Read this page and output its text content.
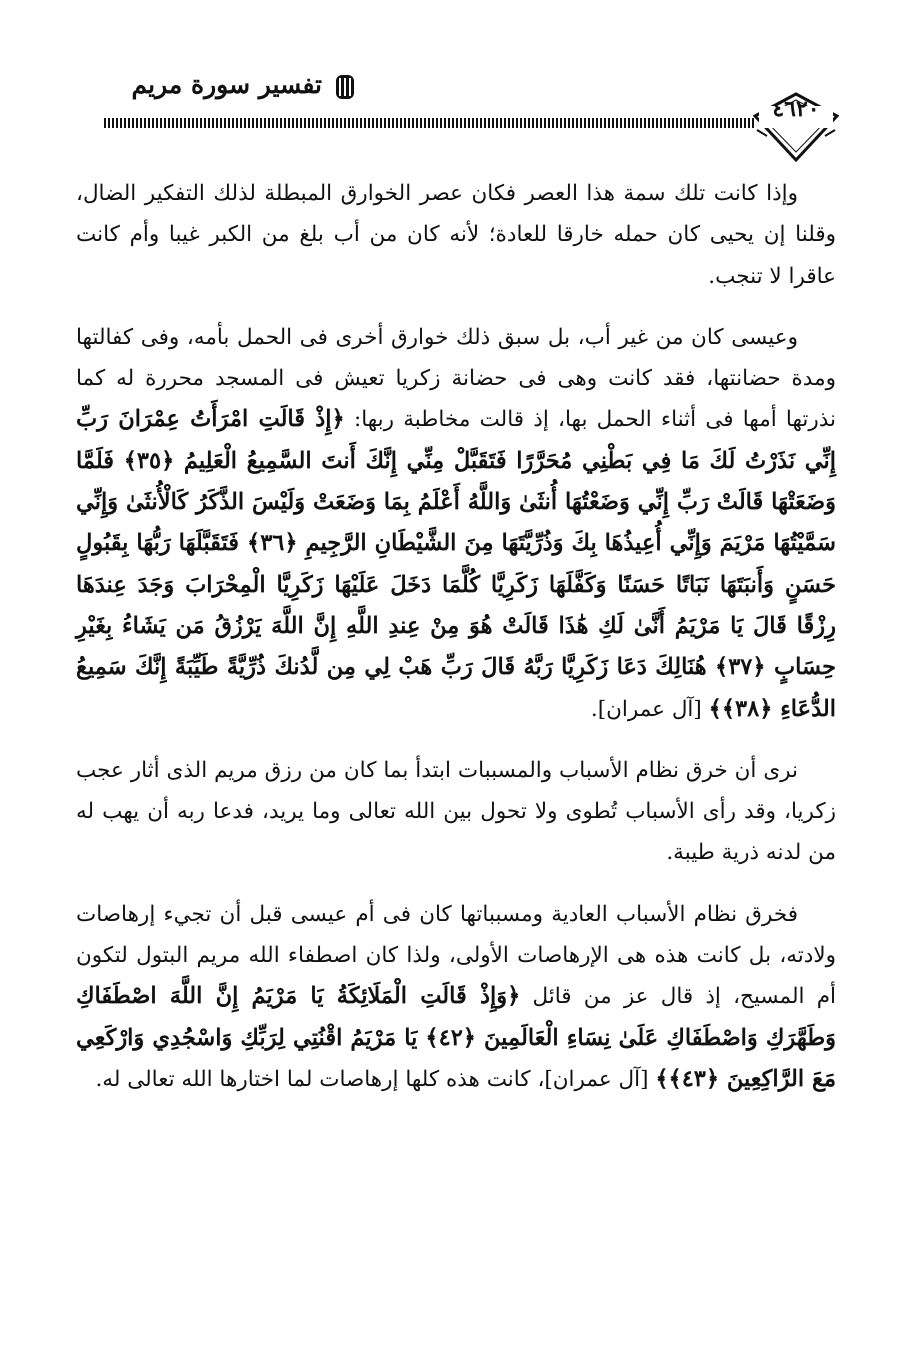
تفسير سورة مريم
٤٦٢٠

وإذا كانت تلك سمة هذا العصر فكان عصر الخوارق المبطلة لذلك التفكير الضال، وقلنا إن يحيى كان حمله خارقا للعادة؛ لأنه كان من أب بلغ من الكبر غيبا وأم كانت عاقرا لا تنجب.

وعيسى كان من غير أب، بل سبق ذلك خوارق أخرى فى الحمل بأمه، وفى كفالتها ومدة حضانتها، فقد كانت وهى فى حضانة زكريا تعيش فى المسجد محررة له كما نذرتها أمها فى أثناء الحمل بها، إذ قالت مخاطبة ربها: ﴿إِذْ قَالَتِ امْرَأَتُ عِمْرَانَ رَبِّ إِنِّي نَذَرْتُ لَكَ مَا فِي بَطْنِي مُحَرَّرًا فَتَقَبَّلْ مِنِّي إِنَّكَ أَنتَ السَّمِيعُ الْعَلِيمُ ﴿٣٥﴾ فَلَمَّا وَضَعَتْهَا قَالَتْ رَبِّ إِنِّي وَضَعْتُهَا أُنثَىٰ وَاللَّهُ أَعْلَمُ بِمَا وَضَعَتْ وَلَيْسَ الذَّكَرُ كَالْأُنثَىٰ وَإِنِّي سَمَّيْتُهَا مَرْيَمَ وَإِنِّي أُعِيذُهَا بِكَ وَذُرِّيَّتَهَا مِنَ الشَّيْطَانِ الرَّجِيمِ ﴿٣٦﴾ فَتَقَبَّلَهَا رَبُّهَا بِقَبُولٍ حَسَنٍ وَأَنبَتَهَا نَبَاتًا حَسَنًا وَكَفَّلَهَا زَكَرِيَّا كُلَّمَا دَخَلَ عَلَيْهَا زَكَرِيَّا الْمِحْرَابَ وَجَدَ عِندَهَا رِزْقًا قَالَ يَا مَرْيَمُ أَنَّىٰ لَكِ هَٰذَا قَالَتْ هُوَ مِنْ عِندِ اللَّهِ إِنَّ اللَّهَ يَرْزُقُ مَن يَشَاءُ بِغَيْرِ حِسَابٍ ﴿٣٧﴾ هُنَالِكَ دَعَا زَكَرِيَّا رَبَّهُ قَالَ رَبِّ هَبْ لِي مِن لَّدُنكَ ذُرِّيَّةً طَيِّبَةً إِنَّكَ سَمِيعُ الدُّعَاءِ ﴿٣٨﴾﴾ [آل عمران].

نرى أن خرق نظام الأسباب والمسببات ابتدأ بما كان من رزق مريم الذى أثار عجب زكريا، وقد رأى الأسباب تُطوى ولا تحول بين الله تعالى وما يريد، فدعا ربه أن يهب له من لدنه ذرية طيبة.

فخرق نظام الأسباب العادية ومسبباتها كان فى أم عيسى قبل أن تجيء إرهاصات ولادته، بل كانت هذه هى الإرهاصات الأولى، ولذا كان اصطفاء الله مريم البتول لتكون أم المسيح، إذ قال عز من قائل ﴿وَإِذْ قَالَتِ الْمَلَائِكَةُ يَا مَرْيَمُ إِنَّ اللَّهَ اصْطَفَاكِ وَطَهَّرَكِ وَاصْطَفَاكِ عَلَىٰ نِسَاءِ الْعَالَمِينَ ﴿٤٢﴾ يَا مَرْيَمُ اقْنُتِي لِرَبِّكِ وَاسْجُدِي وَارْكَعِي مَعَ الرَّاكِعِينَ ﴿٤٣﴾﴾ [آل عمران]، كانت هذه كلها إرهاصات لما اختارها الله تعالى له.
